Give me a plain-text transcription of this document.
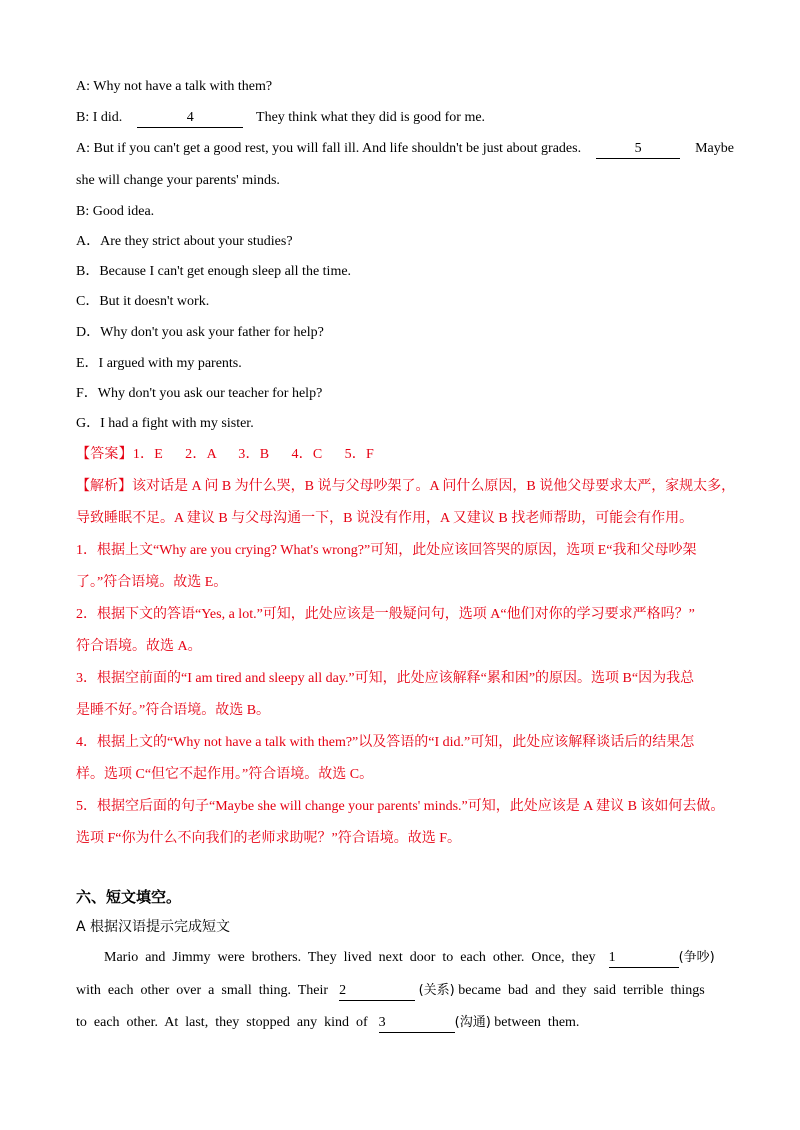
A: Why not have a talk with them?
B: I did.	4	They think what they did is good for me.
A: But if you can't get a good rest, you will fall ill. And life shouldn't be just about grades.	5	Maybe
she will change your parents' minds.
B: Good idea.
A．Are they strict about your studies?
B．Because I can't get enough sleep all the time.
C．But it doesn't work.
D．Why don't you ask your father for help?
E．I argued with my parents.
F．Why don't you ask our teacher for help?
G．I had a fight with my sister.
【答案】1．E      2．A      3．B      4．C      5．F
【解析】该对话是 A 问 B 为什么哭，B 说与父母吵架了。A 问什么原因，B 说他父母要求太严，家规太多，
导致睡眠不足。A 建议 B 与父母沟通一下，B 说没有作用，A 又建议 B 找老师帮助，可能会有作用。
1．根据上文“Why are you crying? What's wrong?”可知，此处应该回答哭的原因，选项 E“我和父母吵架
了。”符合语境。故选 E。
2．根据下文的答语“Yes, a lot.”可知，此处应该是一般疑问句，选项 A“他们对你的学习要求严格吗？”
符合语境。故选 A。
3．根据空前面的“I am tired and sleepy all day.”可知，此处应该解释“累和困”的原因。选项 B“因为我总
是睡不好。”符合语境。故选 B。
4．根据上文的“Why not have a talk with them?”以及答语的“I did.”可知，此处应该解释谈话后的结果怎
样。选项 C“但它不起作用。”符合语境。故选 C。
5．根据空后面的句子“Maybe she will change your parents' minds.”可知，此处应该是 A 建议 B 该如何去做。
选项 F“你为什么不向我们的老师求助呢？”符合语境。故选 F。
六、短文填空。
A 根据汉语提示完成短文
Mario  and  Jimmy  were  brothers.  They  lived  next  door  to  each  other.  Once,  they 1	(争吵)
with  each  other  over  a  small  thing.  Their 2	(关系) became  bad  and  they  said  terrible  things
to  each  other.  At  last,  they  stopped  any  kind  of 3	(沟通) between  them.
